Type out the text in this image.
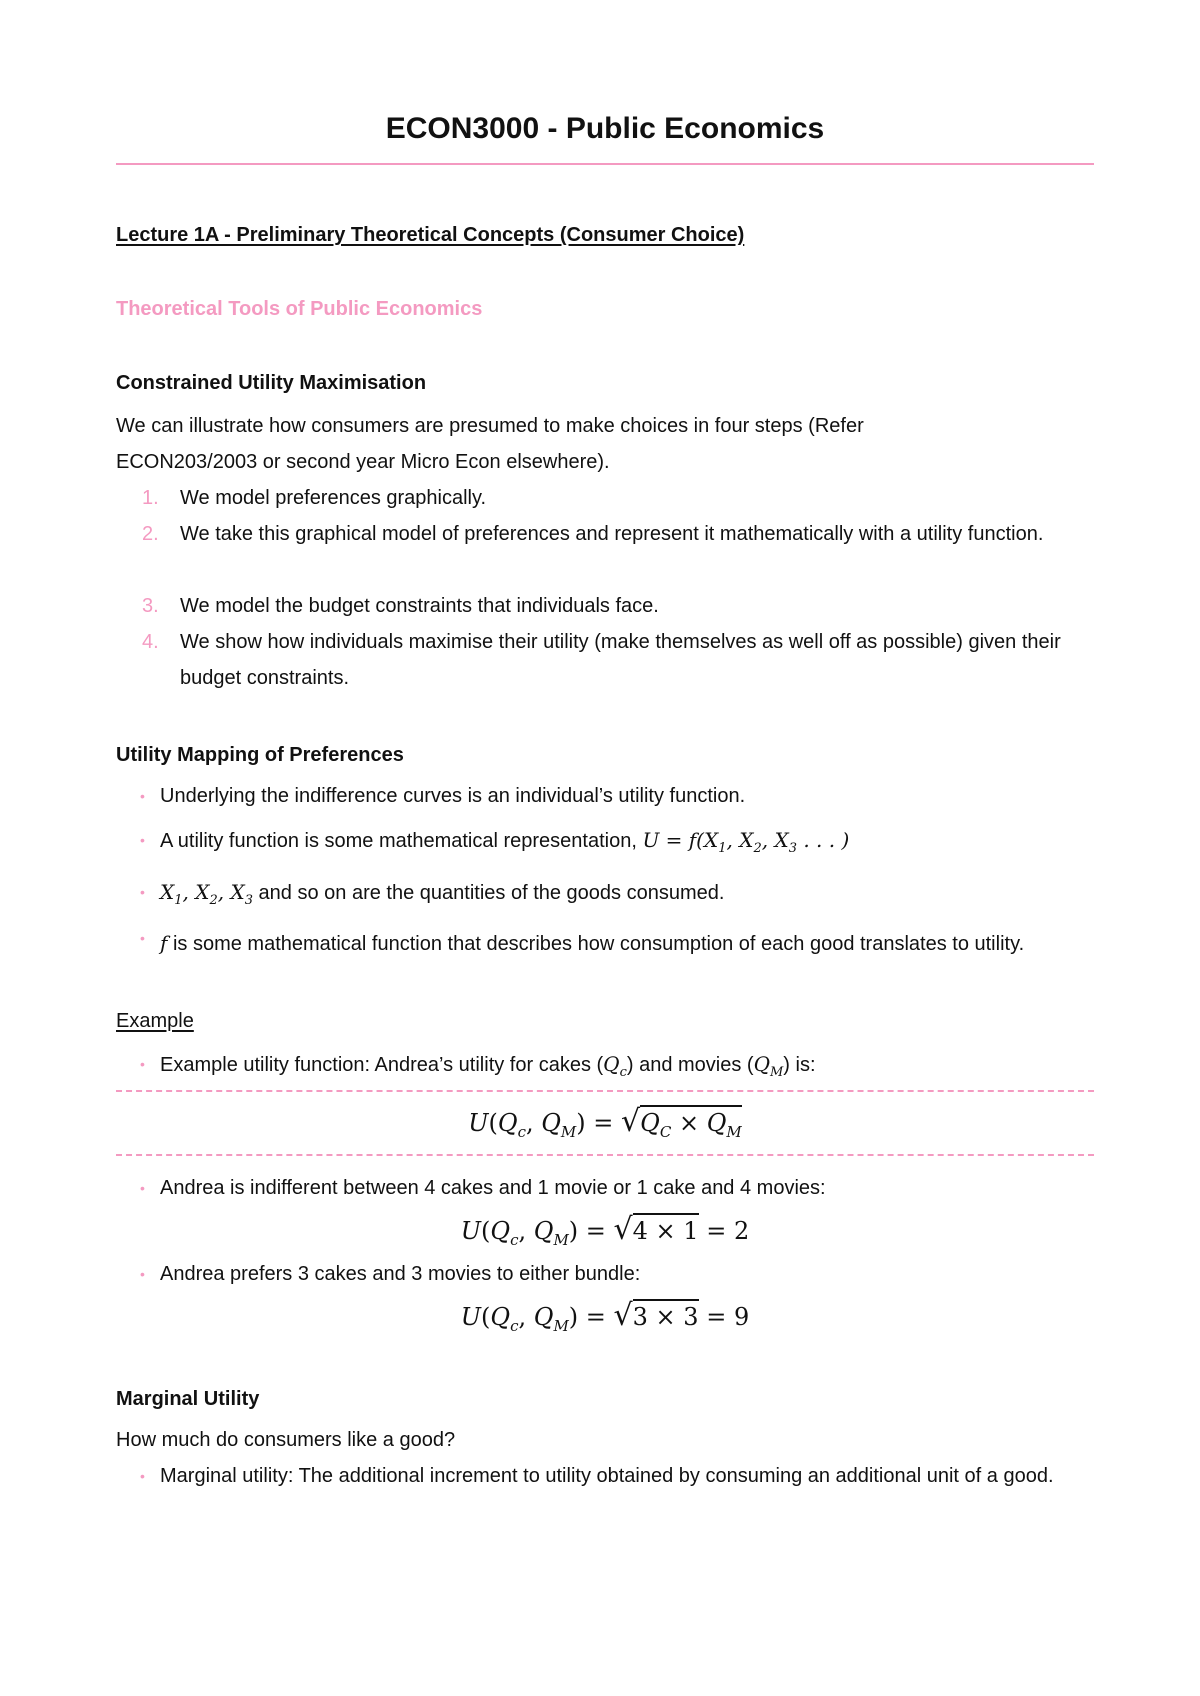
ECON3000 - Public Economics
Lecture 1A - Preliminary Theoretical Concepts (Consumer Choice)
Theoretical Tools of Public Economics
Constrained Utility Maximisation
We can illustrate how consumers are presumed to make choices in four steps (Refer
ECON203/2003 or second year Micro Econ elsewhere).
1.	We model preferences graphically.
2.	We take this graphical model of preferences and represent it mathematically with a utility function.
3.	We model the budget constraints that individuals face.
4.	We show how individuals maximise their utility (make themselves as well off as possible) given their budget constraints.
Utility Mapping of Preferences
• Underlying the indifference curves is an individual’s utility function.
• A utility function is some mathematical representation, $U = f(X_1$, $X_2$, $X_3$ . . . )
• $X_1$, $X_2$, $X_3$ and so on are the quantities of the goods consumed.
• f is some mathematical function that describes how consumption of each good translates to utility.
Example
• Example utility function: Andrea’s utility for cakes $(Q_c)$ and movies $(Q_M)$ is:
$U(Q_c$, $Q_M) = √Q_C \times Q_M$
• Andrea is indifferent between 4 cakes and 1 movie or 1 cake and 4 movies:
$U(Q_c$, $Q_M) = √4 \times 1 = 2$
• Andrea prefers 3 cakes and 3 movies to either bundle:
$U(Q_c$, $Q_M) = √3 \times 3 = 9$
Marginal Utility
How much do consumers like a good?
• Marginal utility: The additional increment to utility obtained by consuming an additional unit of a good.
